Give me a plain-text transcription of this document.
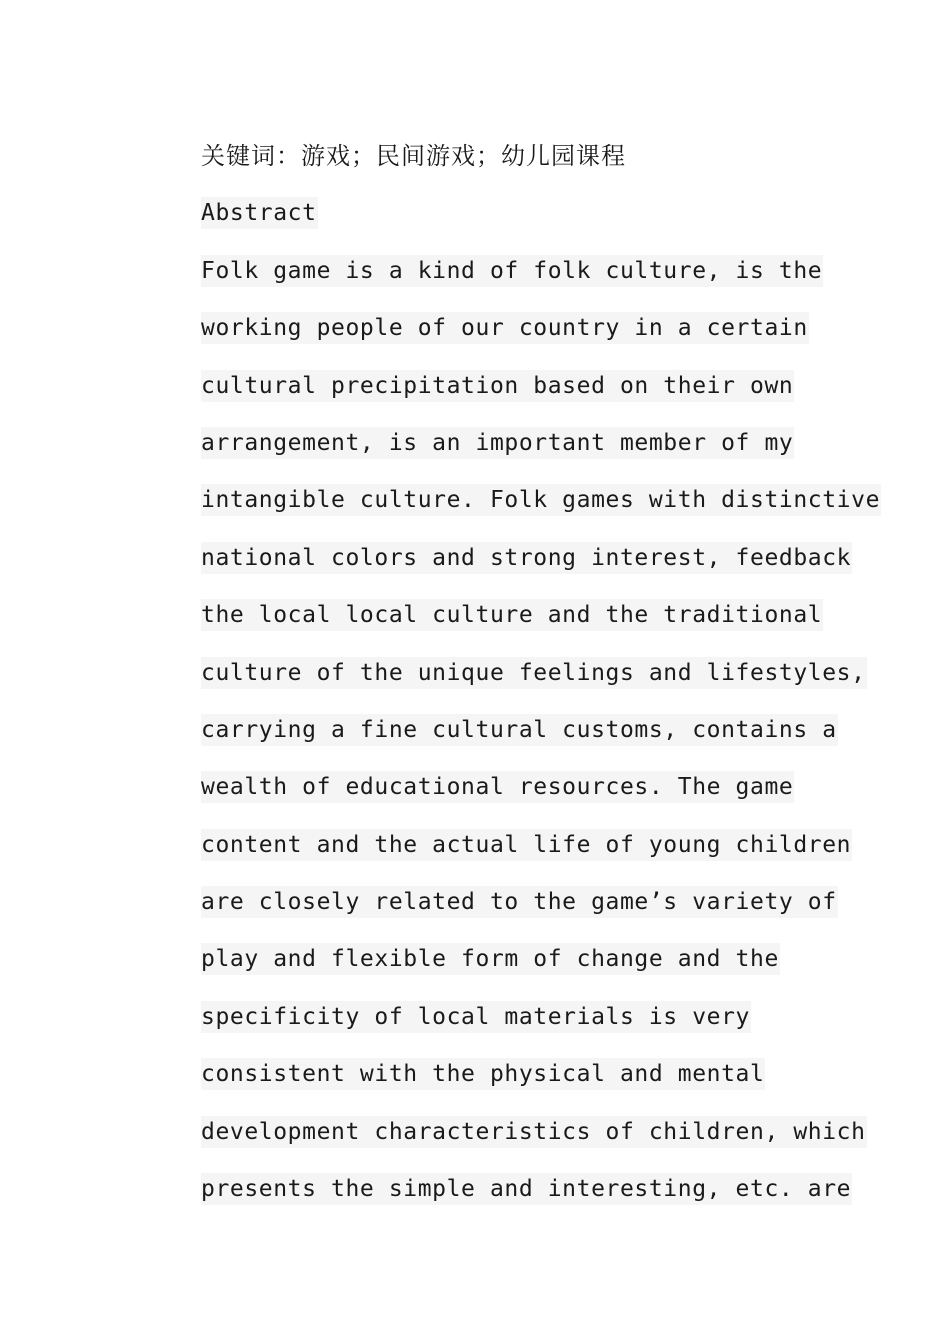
关键词：游戏；民间游戏；幼儿园课程
Abstract
Folk game is a kind of folk culture, is the
working people of our country in a certain
cultural precipitation based on their own
arrangement, is an important member of my
intangible culture. Folk games with distinctive
national colors and strong interest, feedback
the local local culture and the traditional
culture of the unique feelings and lifestyles,
carrying a fine cultural customs, contains a
wealth of educational resources. The game
content and the actual life of young children
are closely related to the game’s variety of
play and flexible form of change and the
specificity of local materials is very
consistent with the physical and mental
development characteristics of children, which
presents the simple and interesting, etc. are
